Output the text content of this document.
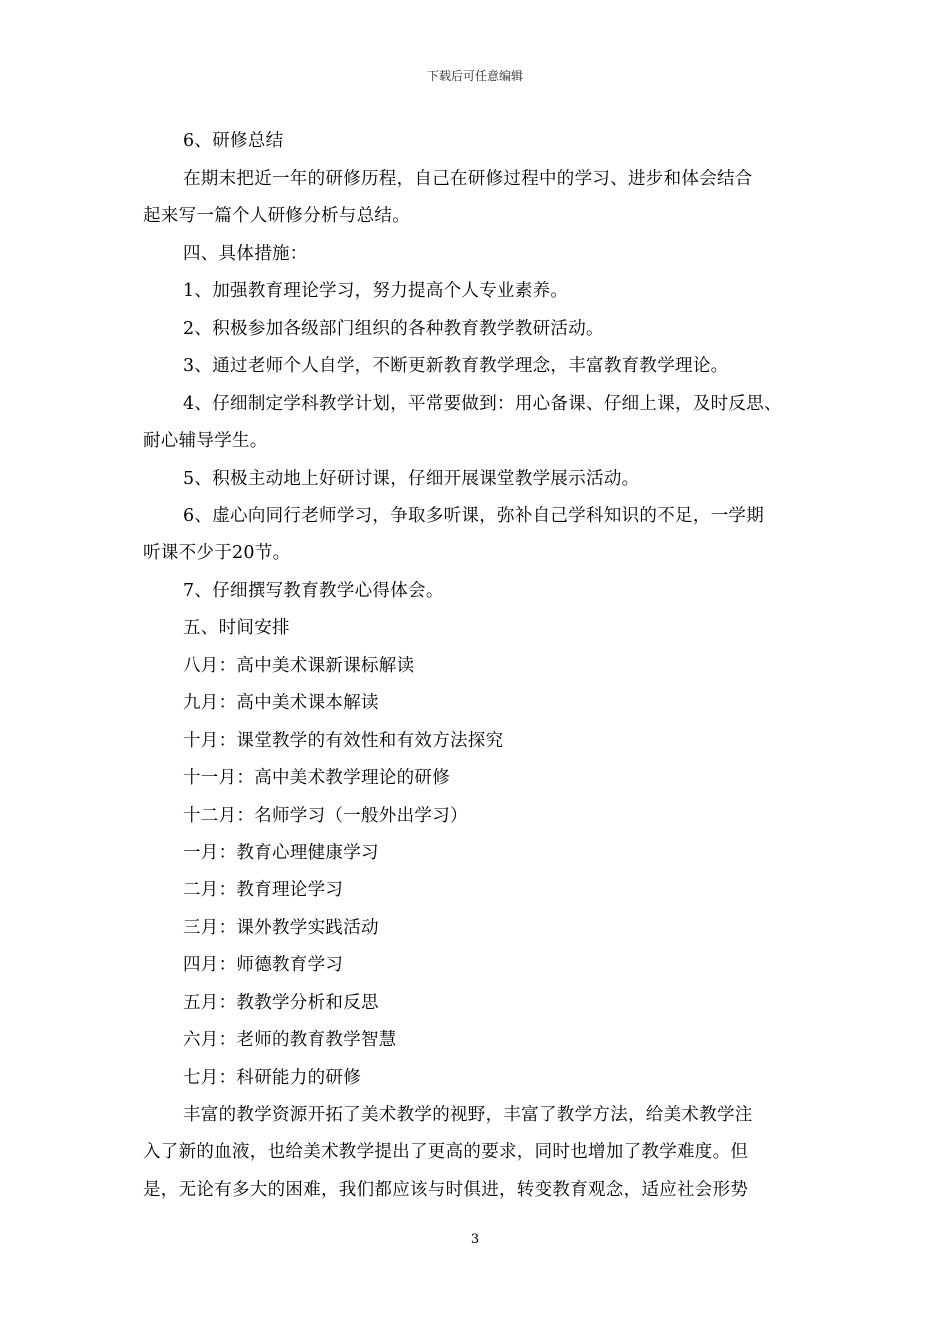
下载后可任意编辑
6、研修总结
在期末把近一年的研修历程，自己在研修过程中的学习、进步和体会结合
起来写一篇个人研修分析与总结。
四、具体措施：
1、加强教育理论学习，努力提高个人专业素养。
2、积极参加各级部门组织的各种教育教学教研活动。
3、通过老师个人自学，不断更新教育教学理念，丰富教育教学理论。
4、仔细制定学科教学计划，平常要做到：用心备课、仔细上课，及时反思、
耐心辅导学生。
5、积极主动地上好研讨课，仔细开展课堂教学展示活动。
6、虚心向同行老师学习，争取多听课，弥补自己学科知识的不足，一学期
听课不少于20节。
7、仔细撰写教育教学心得体会。
五、时间安排
八月：高中美术课新课标解读
九月：高中美术课本解读
十月：课堂教学的有效性和有效方法探究
十一月：高中美术教学理论的研修
十二月：名师学习（一般外出学习）
一月：教育心理健康学习
二月：教育理论学习
三月：课外教学实践活动
四月：师德教育学习
五月：教教学分析和反思
六月：老师的教育教学智慧
七月：科研能力的研修
丰富的教学资源开拓了美术教学的视野，丰富了教学方法，给美术教学注
入了新的血液，也给美术教学提出了更高的要求，同时也增加了教学难度。但
是，无论有多大的困难，我们都应该与时俱进，转变教育观念，适应社会形势
3
